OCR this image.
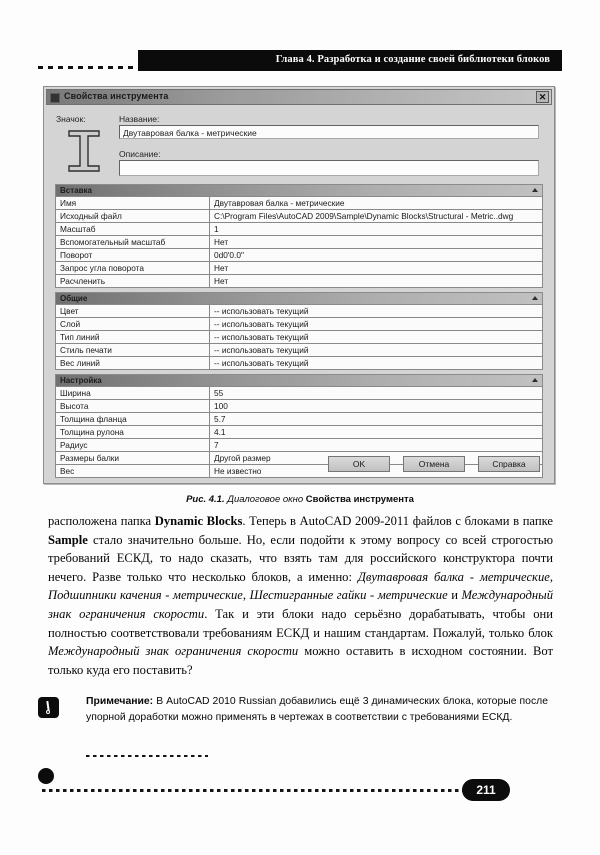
Глава 4. Разработка и создание своей библиотеки блоков
Свойства инструмента	✕
Значок:	Название:
Двутавровая балка - метрические
Описание:
Вставка
Имя	Двутавровая балка - метрические
Исходный файл	C:\Program Files\AutoCAD 2009\Sample\Dynamic Blocks\Structural - Metric..dwg
Масштаб	1
Вспомогательный масштаб	Нет
Поворот	0d0'0.0"
Запрос угла поворота	Нет
Расчленить	Нет
Общие
Цвет	-- использовать текущий
Слой	-- использовать текущий
Тип линий	-- использовать текущий
Стиль печати	-- использовать текущий
Вес линий	-- использовать текущий
Настройка
Ширина	55
Высота	100
Толщина фланца	5.7
Толщина рулона	4.1
Радиус	7
Размеры балки	Другой размер
Вес	Не известно
OK	Отмена	Справка
Рис. 4.1. Диалоговое окно Свойства инструмента
расположена папка Dynamic Blocks. Теперь в AutoCAD 2009-2011 файлов с блоками в папке Sample стало значительно больше. Но, если подойти к этому вопросу со всей строгостью требований ЕСКД, то надо сказать, что взять там для российского конструктора почти нечего. Разве только что несколько блоков, а именно: Двутавровая балка - метрические, Подшипники качения - метрические, Шестигранные гайки - метрические и Международный знак ограничения скорости. Так и эти блоки надо серьёзно дорабатывать, чтобы они полностью соответствовали требованиям ЕСКД и нашим стандартам. Пожалуй, только блок Международный знак ограничения скорости можно оставить в исходном состоянии. Вот только куда его поставить?
Примечание: В AutoCAD 2010 Russian добавились ещё 3 динамических блока, которые после упорной доработки можно применять в чертежах в соответствии с требованиями ЕСКД.
211
